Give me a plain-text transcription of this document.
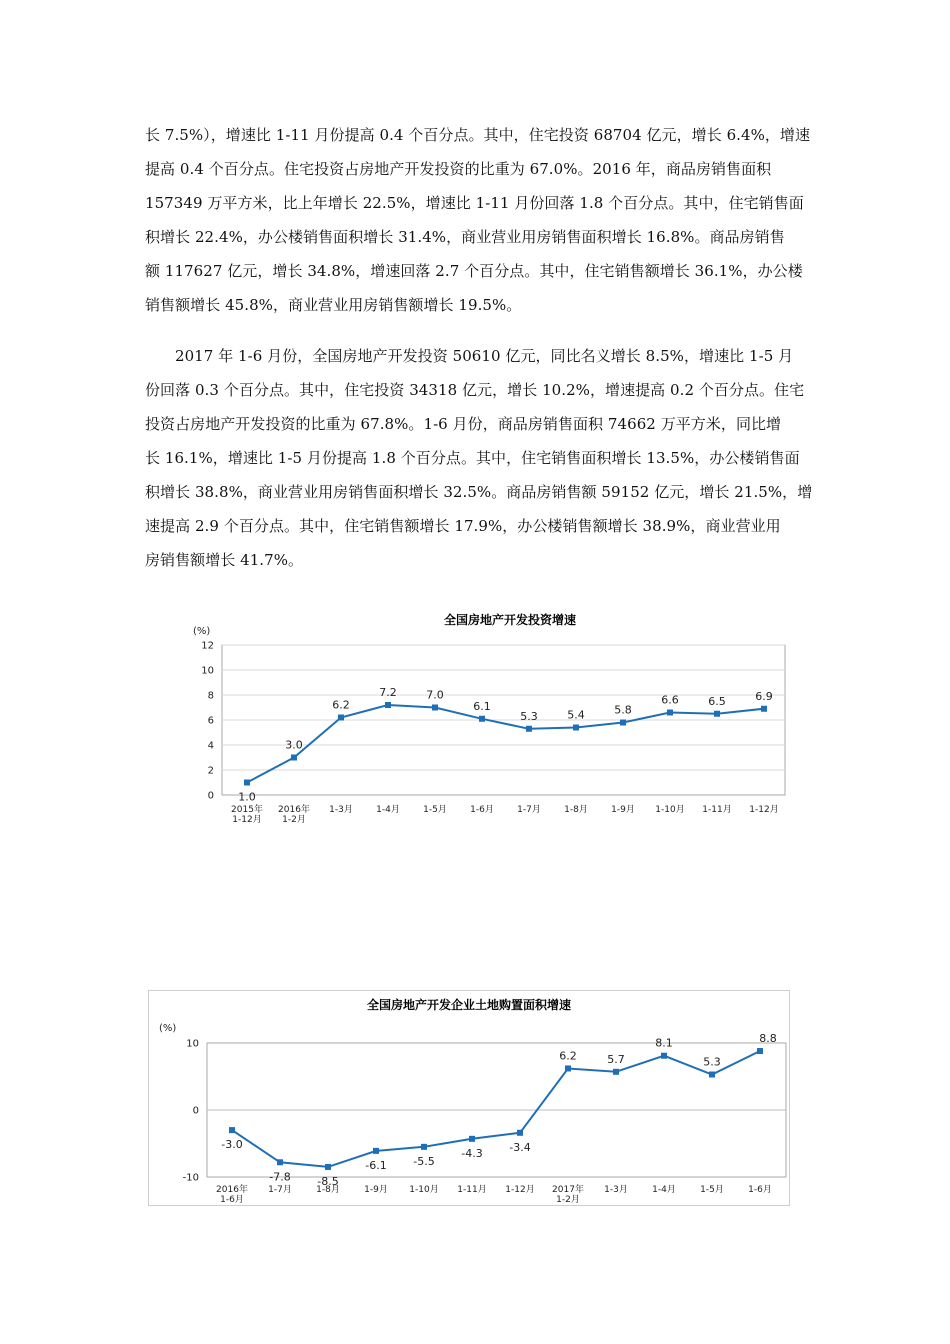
长 7.5%），增速比 1-11 月份提高 0.4 个百分点。其中，住宅投资 68704 亿元，增长 6.4%，增速
提高 0.4 个百分点。住宅投资占房地产开发投资的比重为 67.0%。2016 年，商品房销售面积
157349 万平方米，比上年增长 22.5%，增速比 1-11 月份回落 1.8 个百分点。其中，住宅销售面
积增长 22.4%，办公楼销售面积增长 31.4%，商业营业用房销售面积增长 16.8%。商品房销售
额 117627 亿元，增长 34.8%，增速回落 2.7 个百分点。其中，住宅销售额增长 36.1%，办公楼
销售额增长 45.8%，商业营业用房销售额增长 19.5%。
2017 年 1-6 月份，全国房地产开发投资 50610 亿元，同比名义增长 8.5%，增速比 1-5 月
份回落 0.3 个百分点。其中，住宅投资 34318 亿元，增长 10.2%，增速提高 0.2 个百分点。住宅
投资占房地产开发投资的比重为 67.8%。1-6 月份，商品房销售面积 74662 万平方米，同比增
长 16.1%，增速比 1-5 月份提高 1.8 个百分点。其中，住宅销售面积增长 13.5%，办公楼销售面
积增长 38.8%，商业营业用房销售面积增长 32.5%。商品房销售额 59152 亿元，增长 21.5%，增
速提高 2.9 个百分点。其中，住宅销售额增长 17.9%，办公楼销售额增长 38.9%，商业营业用
房销售额增长 41.7%。
全国房地产开发投资增速
(%)
0
2
4
6
8
10
12
1.0
2015年
1-12月
3.0
2016年
1-2月
6.2
1-3月
7.2
1-4月
7.0
1-5月
6.1
1-6月
5.3
1-7月
5.4
1-8月
5.8
1-9月
6.6
1-10月
6.5
1-11月
6.9
1-12月
全国房地产开发企业土地购置面积增速
(%)
-10
0
10
-3.0
2016年
1-6月
-7.8
1-7月
-8.5
1-8月
-6.1
1-9月
-5.5
1-10月
-4.3
1-11月
-3.4
1-12月
6.2
2017年
1-2月
5.7
1-3月
8.1
1-4月
5.3
1-5月
8.8
1-6月
